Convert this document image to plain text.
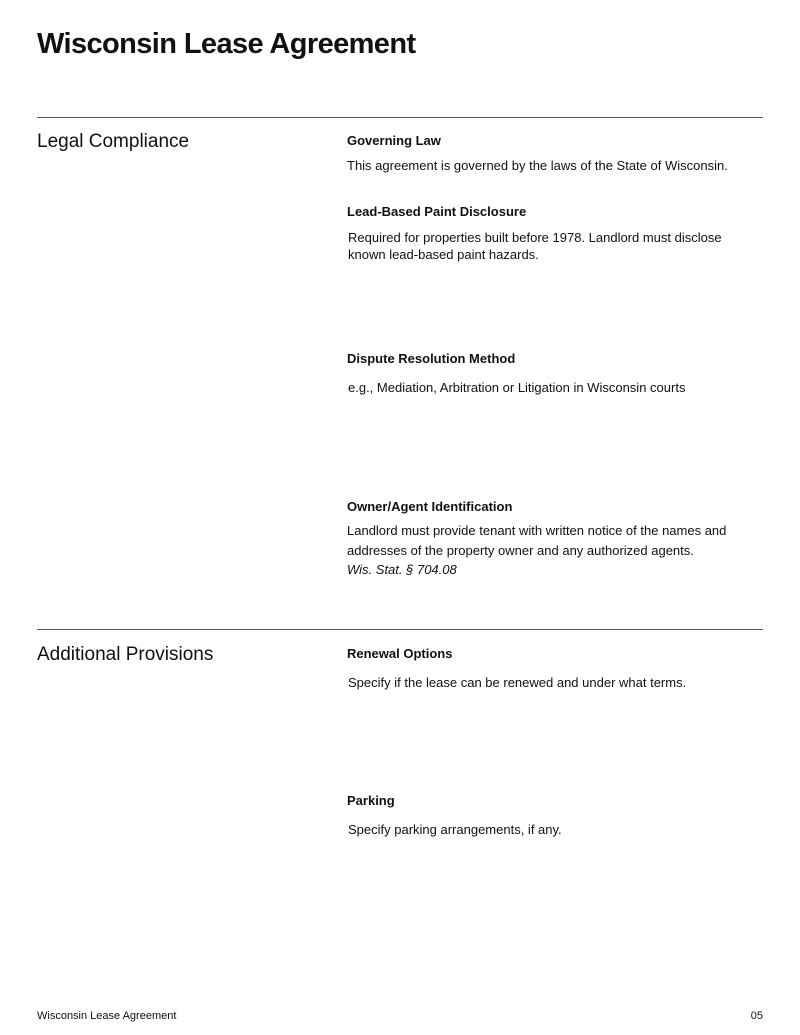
Wisconsin Lease Agreement
Legal Compliance	Governing Law

This agreement is governed by the laws of the State of Wisconsin.

Lead-Based Paint Disclosure

Required for properties built before 1978. Landlord must disclose known lead-based paint hazards.

Dispute Resolution Method

e.g., Mediation, Arbitration or Litigation in Wisconsin courts

Owner/Agent Identification

Landlord must provide tenant with written notice of the names and addresses of the property owner and any authorized agents.

Wis. Stat. § 704.08

Additional Provisions	Renewal Options

Specify if the lease can be renewed and under what terms.

Parking

Specify parking arrangements, if any.

Wisconsin Lease Agreement	05
